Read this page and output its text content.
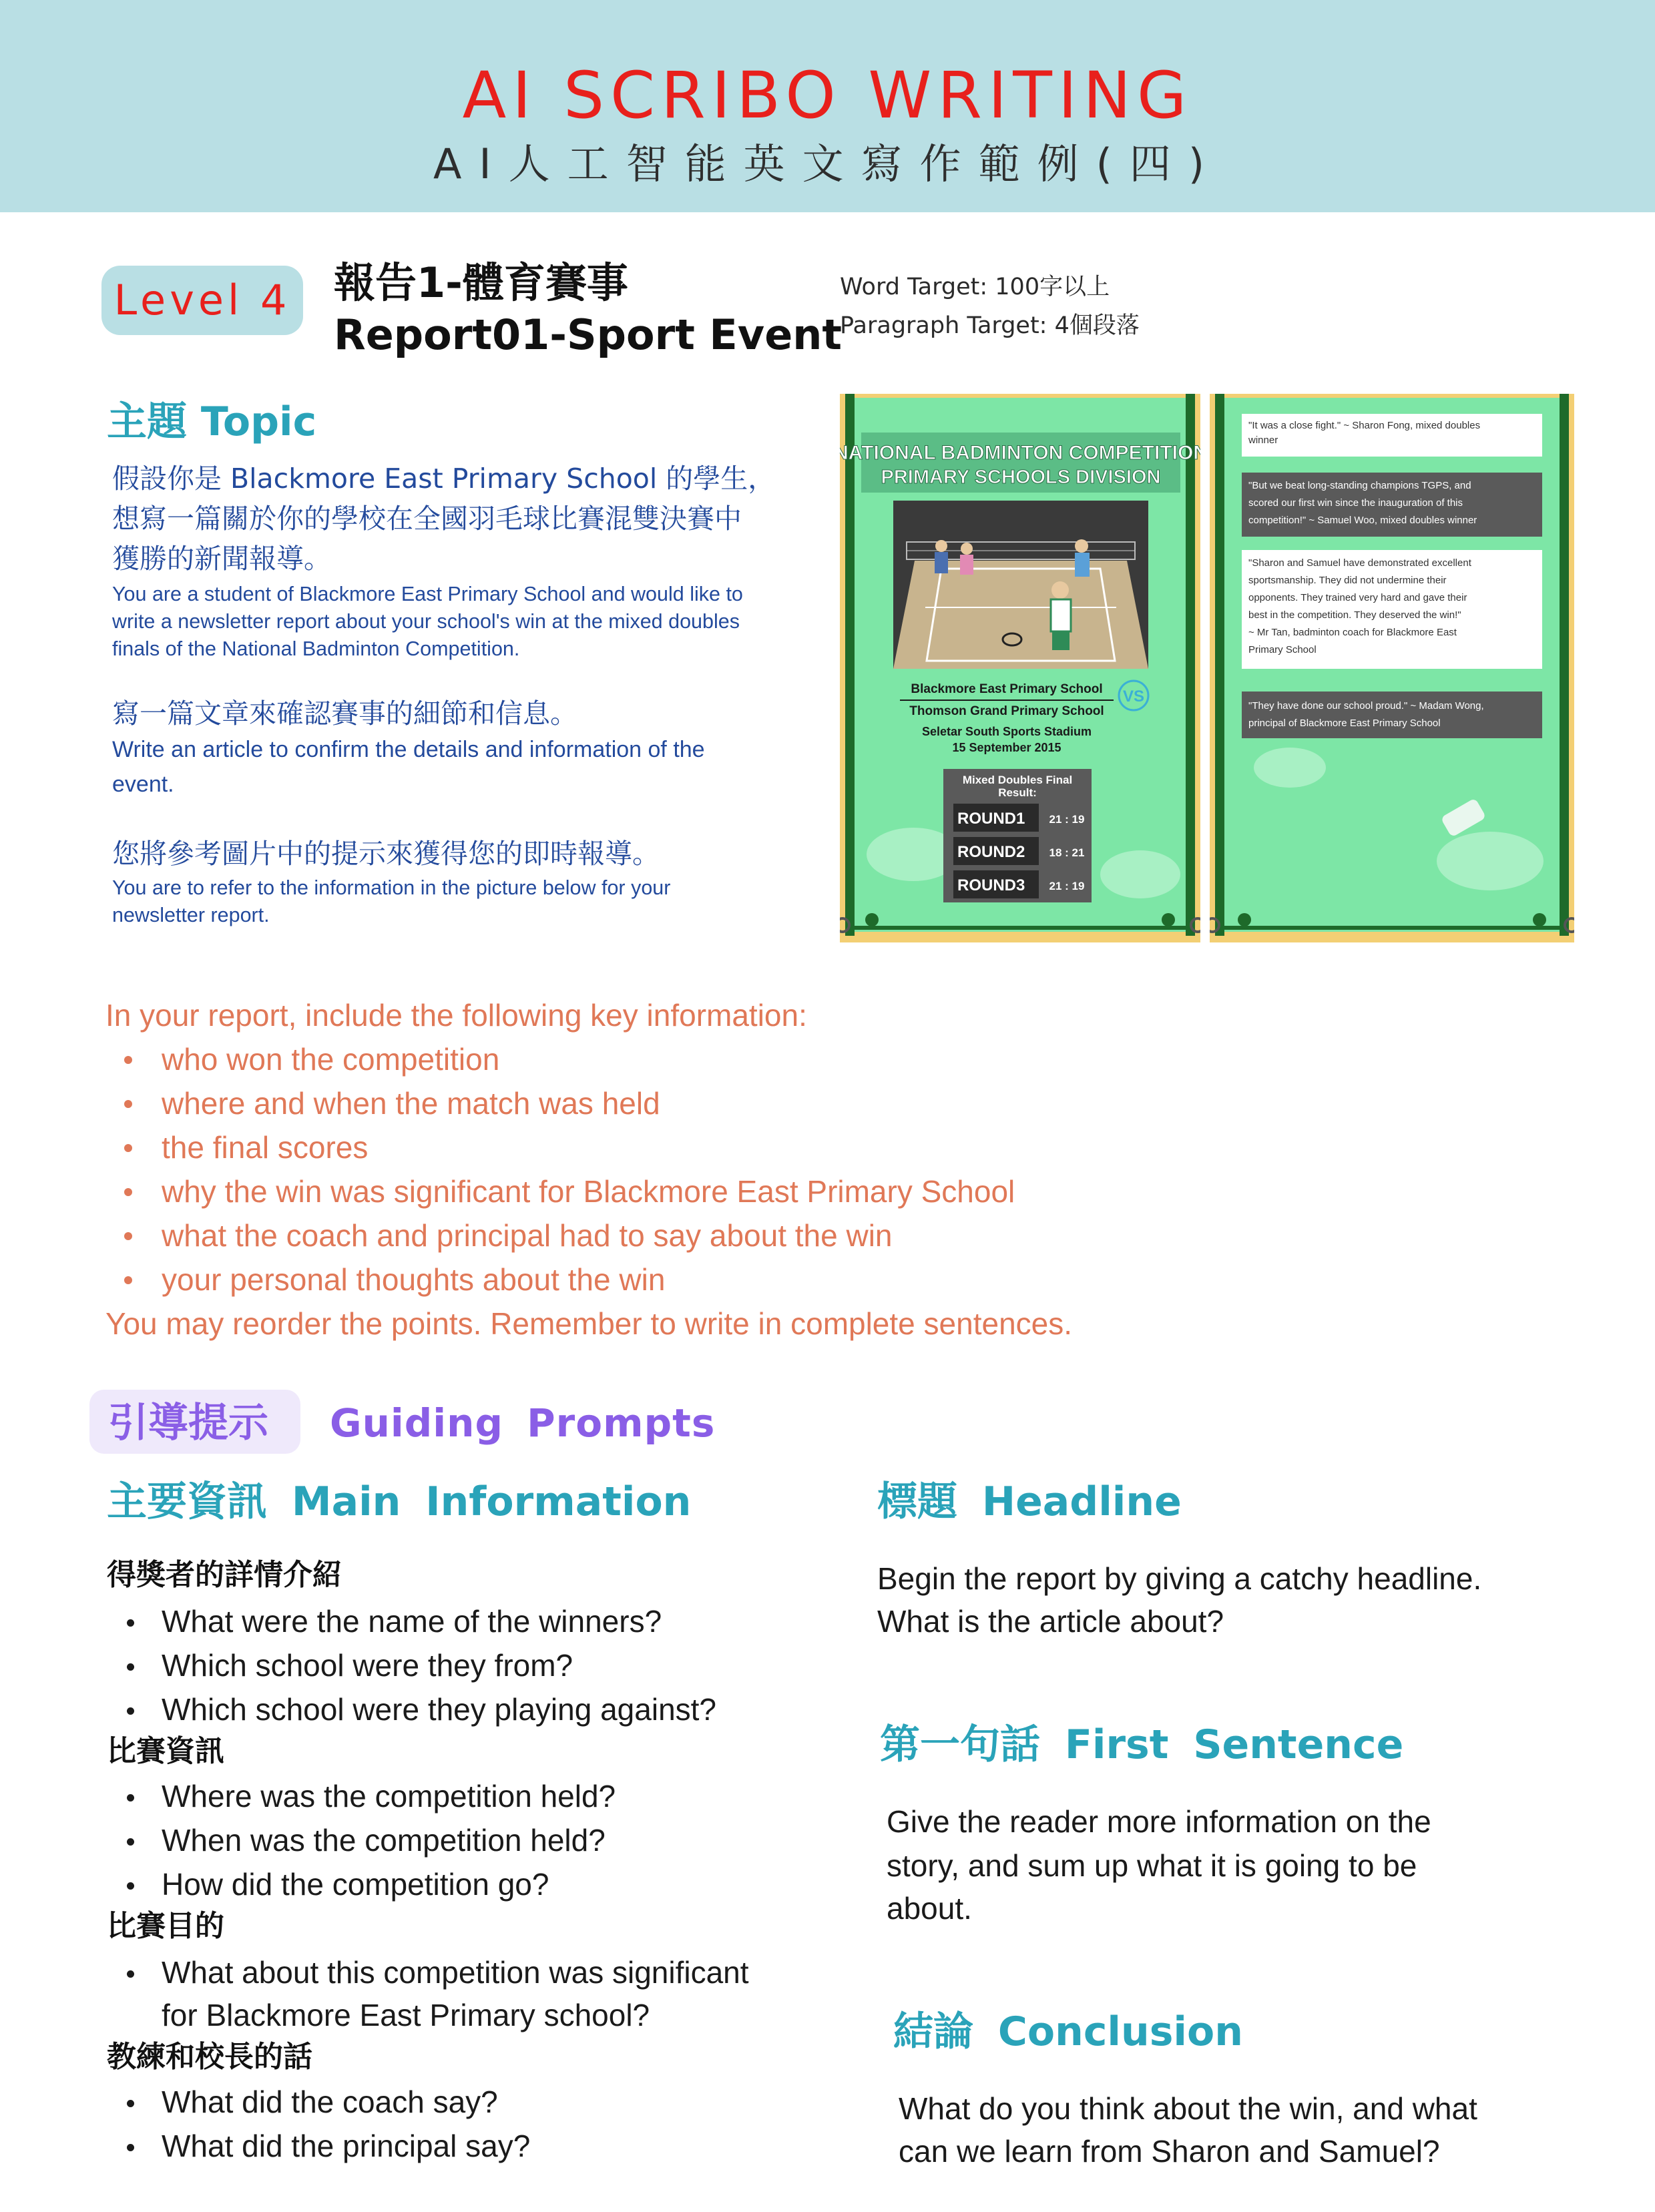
AI SCRIBO WRITING
AI人工智能英文寫作範例(四)
Level 4 報告1-體育賽事
Report01-Sport Event
Word Target: 100字以上
Paragraph Target: 4個段落
主題 Topic
假設你是 Blackmore East Primary School 的學生，
想寫一篇關於你的學校在全國羽毛球比賽混雙決賽中
獲勝的新聞報導。
You are a student of Blackmore East Primary School and would like to
write a newsletter report about your school's win at the mixed doubles
finals of the National Badminton Competition.
寫一篇文章來確認賽事的細節和信息。
Write an article to confirm the details and information of the
event.
您將參考圖片中的提示來獲得您的即時報導。
You are to refer to the information in the picture below for your
newsletter report.
NATIONAL BADMINTON COMPETITION
PRIMARY SCHOOLS DIVISION
Blackmore East Primary School VS
Thomson Grand Primary School
Seletar South Sports Stadium
15 September 2015
Mixed Doubles Final
Result:
ROUND1 21 : 19
ROUND2 18 : 21
ROUND3 21 : 19
"It was a close fight." ~ Sharon Fong, mixed doubles
winner
"But we beat long-standing champions TGPS, and
scored our first win since the inauguration of this
competition!" ~ Samuel Woo, mixed doubles winner
"Sharon and Samuel have demonstrated excellent
sportsmanship. They did not undermine their
opponents. They trained very hard and gave their
best in the competition. They deserved the win!"
~ Mr Tan, badminton coach for Blackmore East
Primary School
"They have done our school proud." ~ Madam Wong,
principal of Blackmore East Primary School
In your report, include the following key information:
who won the competition
where and when the match was held
the final scores
why the win was significant for Blackmore East Primary School
what the coach and principal had to say about the win
your personal thoughts about the win
You may reorder the points. Remember to write in complete sentences.
引導提示 Guiding Prompts
主要資訊 Main Information
得獎者的詳情介紹
What were the name of the winners?
Which school were they from?
Which school were they playing against?
比賽資訊
Where was the competition held?
When was the competition held?
How did the competition go?
比賽目的
What about this competition was significant
for Blackmore East Primary school?
教練和校長的話
What did the coach say?
What did the principal say?
標題 Headline
Begin the report by giving a catchy headline.
What is the article about?
第一句話 First Sentence
Give the reader more information on the
story, and sum up what it is going to be
about.
結論 Conclusion
What do you think about the win, and what
can we learn from Sharon and Samuel?
